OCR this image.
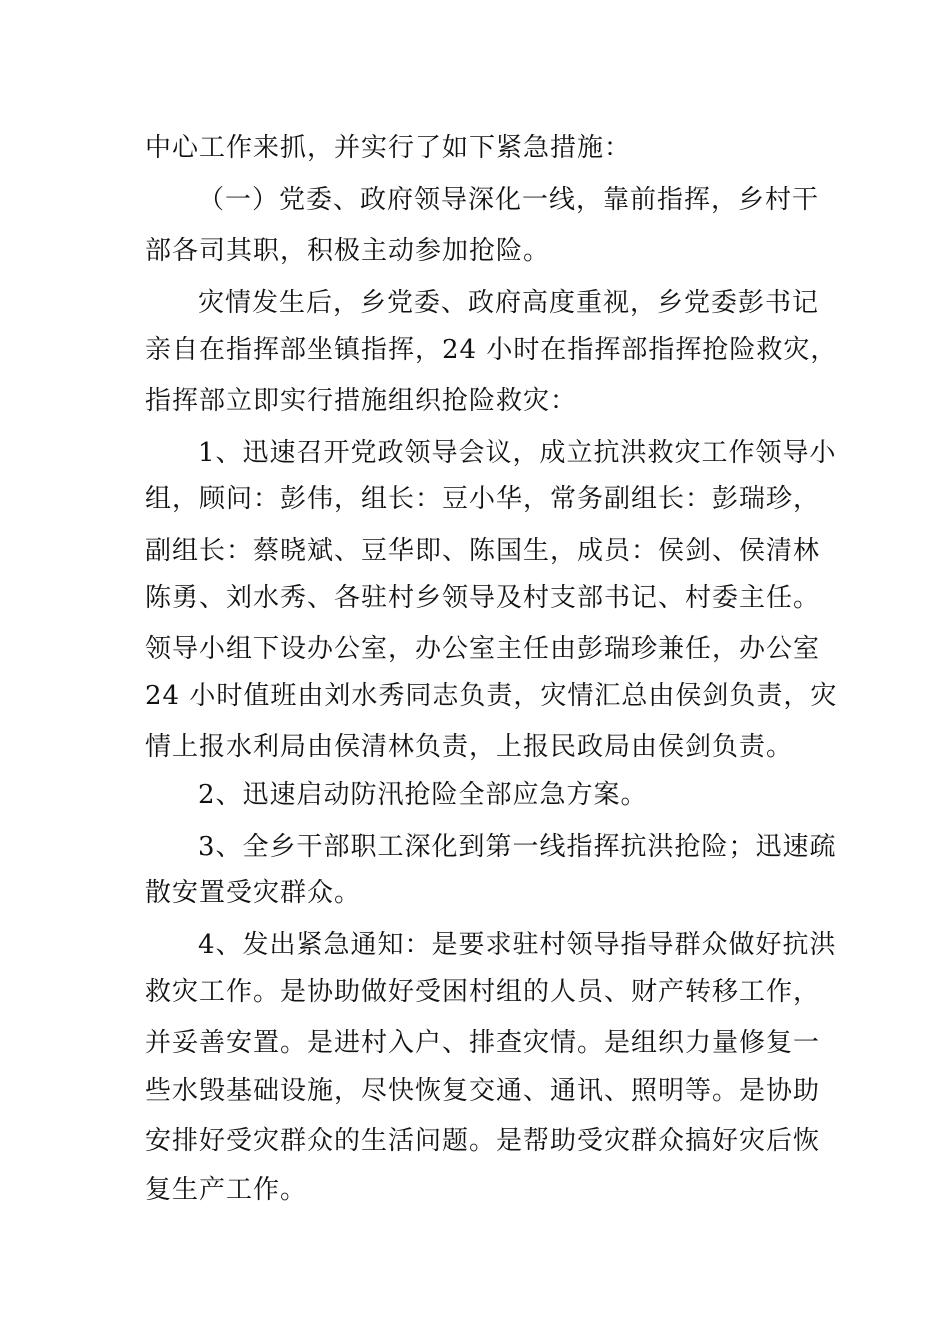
中心工作来抓，并实行了如下紧急措施：
（一）党委、政府领导深化一线，靠前指挥，乡村干
部各司其职，积极主动参加抢险。
灾情发生后，乡党委、政府高度重视，乡党委彭书记
亲自在指挥部坐镇指挥，24 小时在指挥部指挥抢险救灾，
指挥部立即实行措施组织抢险救灾：
1、迅速召开党政领导会议，成立抗洪救灾工作领导小
组，顾问：彭伟，组长：豆小华，常务副组长：彭瑞珍，
副组长：蔡晓斌、豆华即、陈国生，成员：侯剑、侯清林
陈勇、刘水秀、各驻村乡领导及村支部书记、村委主任。
领导小组下设办公室，办公室主任由彭瑞珍兼任，办公室
24 小时值班由刘水秀同志负责，灾情汇总由侯剑负责，灾
情上报水利局由侯清林负责，上报民政局由侯剑负责。
2、迅速启动防汛抢险全部应急方案。
3、全乡干部职工深化到第一线指挥抗洪抢险；迅速疏
散安置受灾群众。
4、发出紧急通知：是要求驻村领导指导群众做好抗洪
救灾工作。是协助做好受困村组的人员、财产转移工作，
并妥善安置。是进村入户、排查灾情。是组织力量修复一
些水毁基础设施，尽快恢复交通、通讯、照明等。是协助
安排好受灾群众的生活问题。是帮助受灾群众搞好灾后恢
复生产工作。
